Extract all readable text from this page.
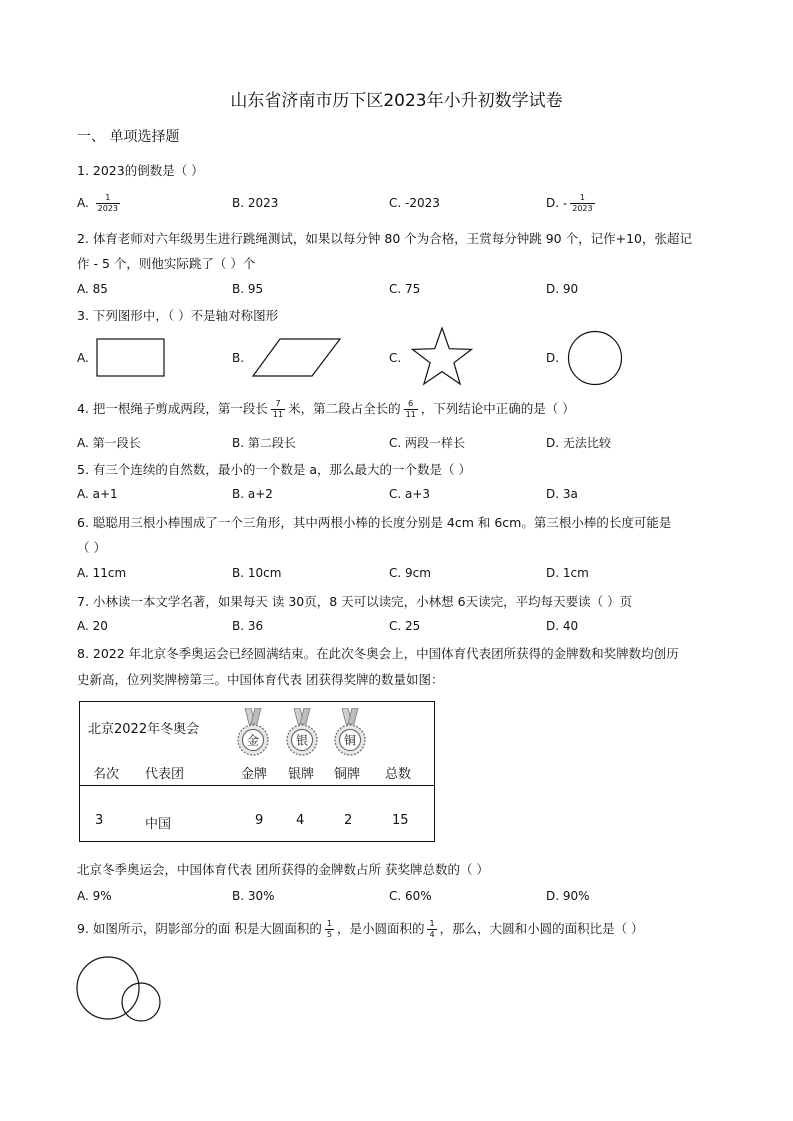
山东省济南市历下区2023年小升初数学试卷
一、 单项选择题
1. 2023的倒数是（ ）
A. $\frac{1}{2023}$	B. 2023	C. -2023	D. - $\frac{1}{2023}$
2. 体育老师对六年级男生进行跳绳测试，如果以每分钟 80 个为合格，王赏每分钟跳 90 个，记作+10，张超记
作 - 5 个，则他实际跳了（ ）个
A. 85	B. 95	C. 75	D. 90
3. 下列图形中，（ ）不是轴对称图形
A.	B.	C.	D.
4. 把一根绳子剪成两段，第一段长 $\frac{7}{11}$ 米，第二段占全长的 $\frac{6}{11}$ ，下列结论中正确的是（ ）
A. 第一段长	B. 第二段长	C. 两段一样长	D. 无法比较
5. 有三个连续的自然数，最小的一个数是 a，那么最大的一个数是（ ）
A. a+1	B. a+2	C. a+3	D. 3a
6. 聪聪用三根小棒围成了一个三角形，其中两根小棒的长度分别是 4cm 和 6cm。第三根小棒的长度可能是
（ ）
A. 11cm	B. 10cm	C. 9cm	D. 1cm
7. 小林读一本文学名著，如果每天 读 30页，8 天可以读完，小林想 6天读完，平均每天要读（ ）页
A. 20	B. 36	C. 25	D. 40
8. 2022 年北京冬季奥运会已经圆满结束。在此次冬奥会上，中国体育代表团所获得的金牌数和奖牌数均创历
史新高，位列奖牌榜第三。中国体育代表 团获得奖牌的数量如图：
北京2022年冬奥会
金	银	铜
名次 代表团	金牌 银牌 铜牌 总数
3	中国	9	4	2	15
北京冬季奥运会，中国体育代表 团所获得的金牌数占所 获奖牌总数的（ ）
A. 9%	B. 30%	C. 60%	D. 90%
9. 如图所示，阴影部分的面 积是大圆面积的 $\frac{1}{5}$ ，是小圆面积的 $\frac{1}{4}$ ，那么，大圆和小圆的面积比是（ ）
